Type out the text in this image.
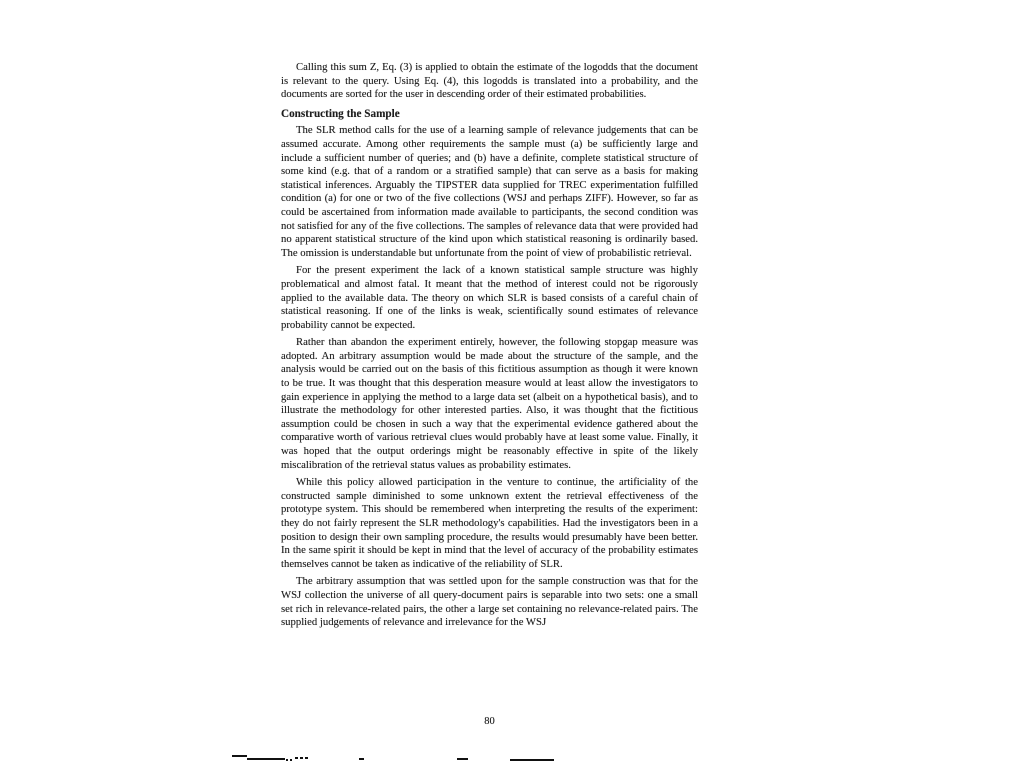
Calling this sum Z, Eq. (3) is applied to obtain the estimate of the logodds that the document is relevant to the query. Using Eq. (4), this logodds is translated into a probability, and the documents are sorted for the user in descending order of their estimated probabilities.

Constructing the Sample

The SLR method calls for the use of a learning sample of relevance judgements that can be assumed accurate. Among other requirements the sample must (a) be sufficiently large and include a sufficient number of queries; and (b) have a definite, complete statistical structure of some kind (e.g. that of a random or a stratified sample) that can serve as a basis for making statistical inferences. Arguably the TIPSTER data supplied for TREC experimentation fulfilled condition (a) for one or two of the five collections (WSJ and perhaps ZIFF). However, so far as could be ascertained from information made available to participants, the second condition was not satisfied for any of the five collections. The samples of relevance data that were provided had no apparent statistical structure of the kind upon which statistical reasoning is ordinarily based. The omission is understandable but unfortunate from the point of view of probabilistic retrieval.

For the present experiment the lack of a known statistical sample structure was highly problematical and almost fatal. It meant that the method of interest could not be rigorously applied to the available data. The theory on which SLR is based consists of a careful chain of statistical reasoning. If one of the links is weak, scientifically sound estimates of relevance probability cannot be expected.

Rather than abandon the experiment entirely, however, the following stopgap measure was adopted. An arbitrary assumption would be made about the structure of the sample, and the analysis would be carried out on the basis of this fictitious assumption as though it were known to be true. It was thought that this desperation measure would at least allow the investigators to gain experience in applying the method to a large data set (albeit on a hypothetical basis), and to illustrate the methodology for other interested parties. Also, it was thought that the fictitious assumption could be chosen in such a way that the experimental evidence gathered about the comparative worth of various retrieval clues would probably have at least some value. Finally, it was hoped that the output orderings might be reasonably effective in spite of the likely miscalibration of the retrieval status values as probability estimates.

While this policy allowed participation in the venture to continue, the artificiality of the constructed sample diminished to some unknown extent the retrieval effectiveness of the prototype system. This should be remembered when interpreting the results of the experiment: they do not fairly represent the SLR methodology's capabilities. Had the investigators been in a position to design their own sampling procedure, the results would presumably have been better. In the same spirit it should be kept in mind that the level of accuracy of the probability estimates themselves cannot be taken as indicative of the reliability of SLR.

The arbitrary assumption that was settled upon for the sample construction was that for the WSJ collection the universe of all query-document pairs is separable into two sets: one a small set rich in relevance-related pairs, the other a large set containing no relevance-related pairs. The supplied judgements of relevance and irrelevance for the WSJ

80
